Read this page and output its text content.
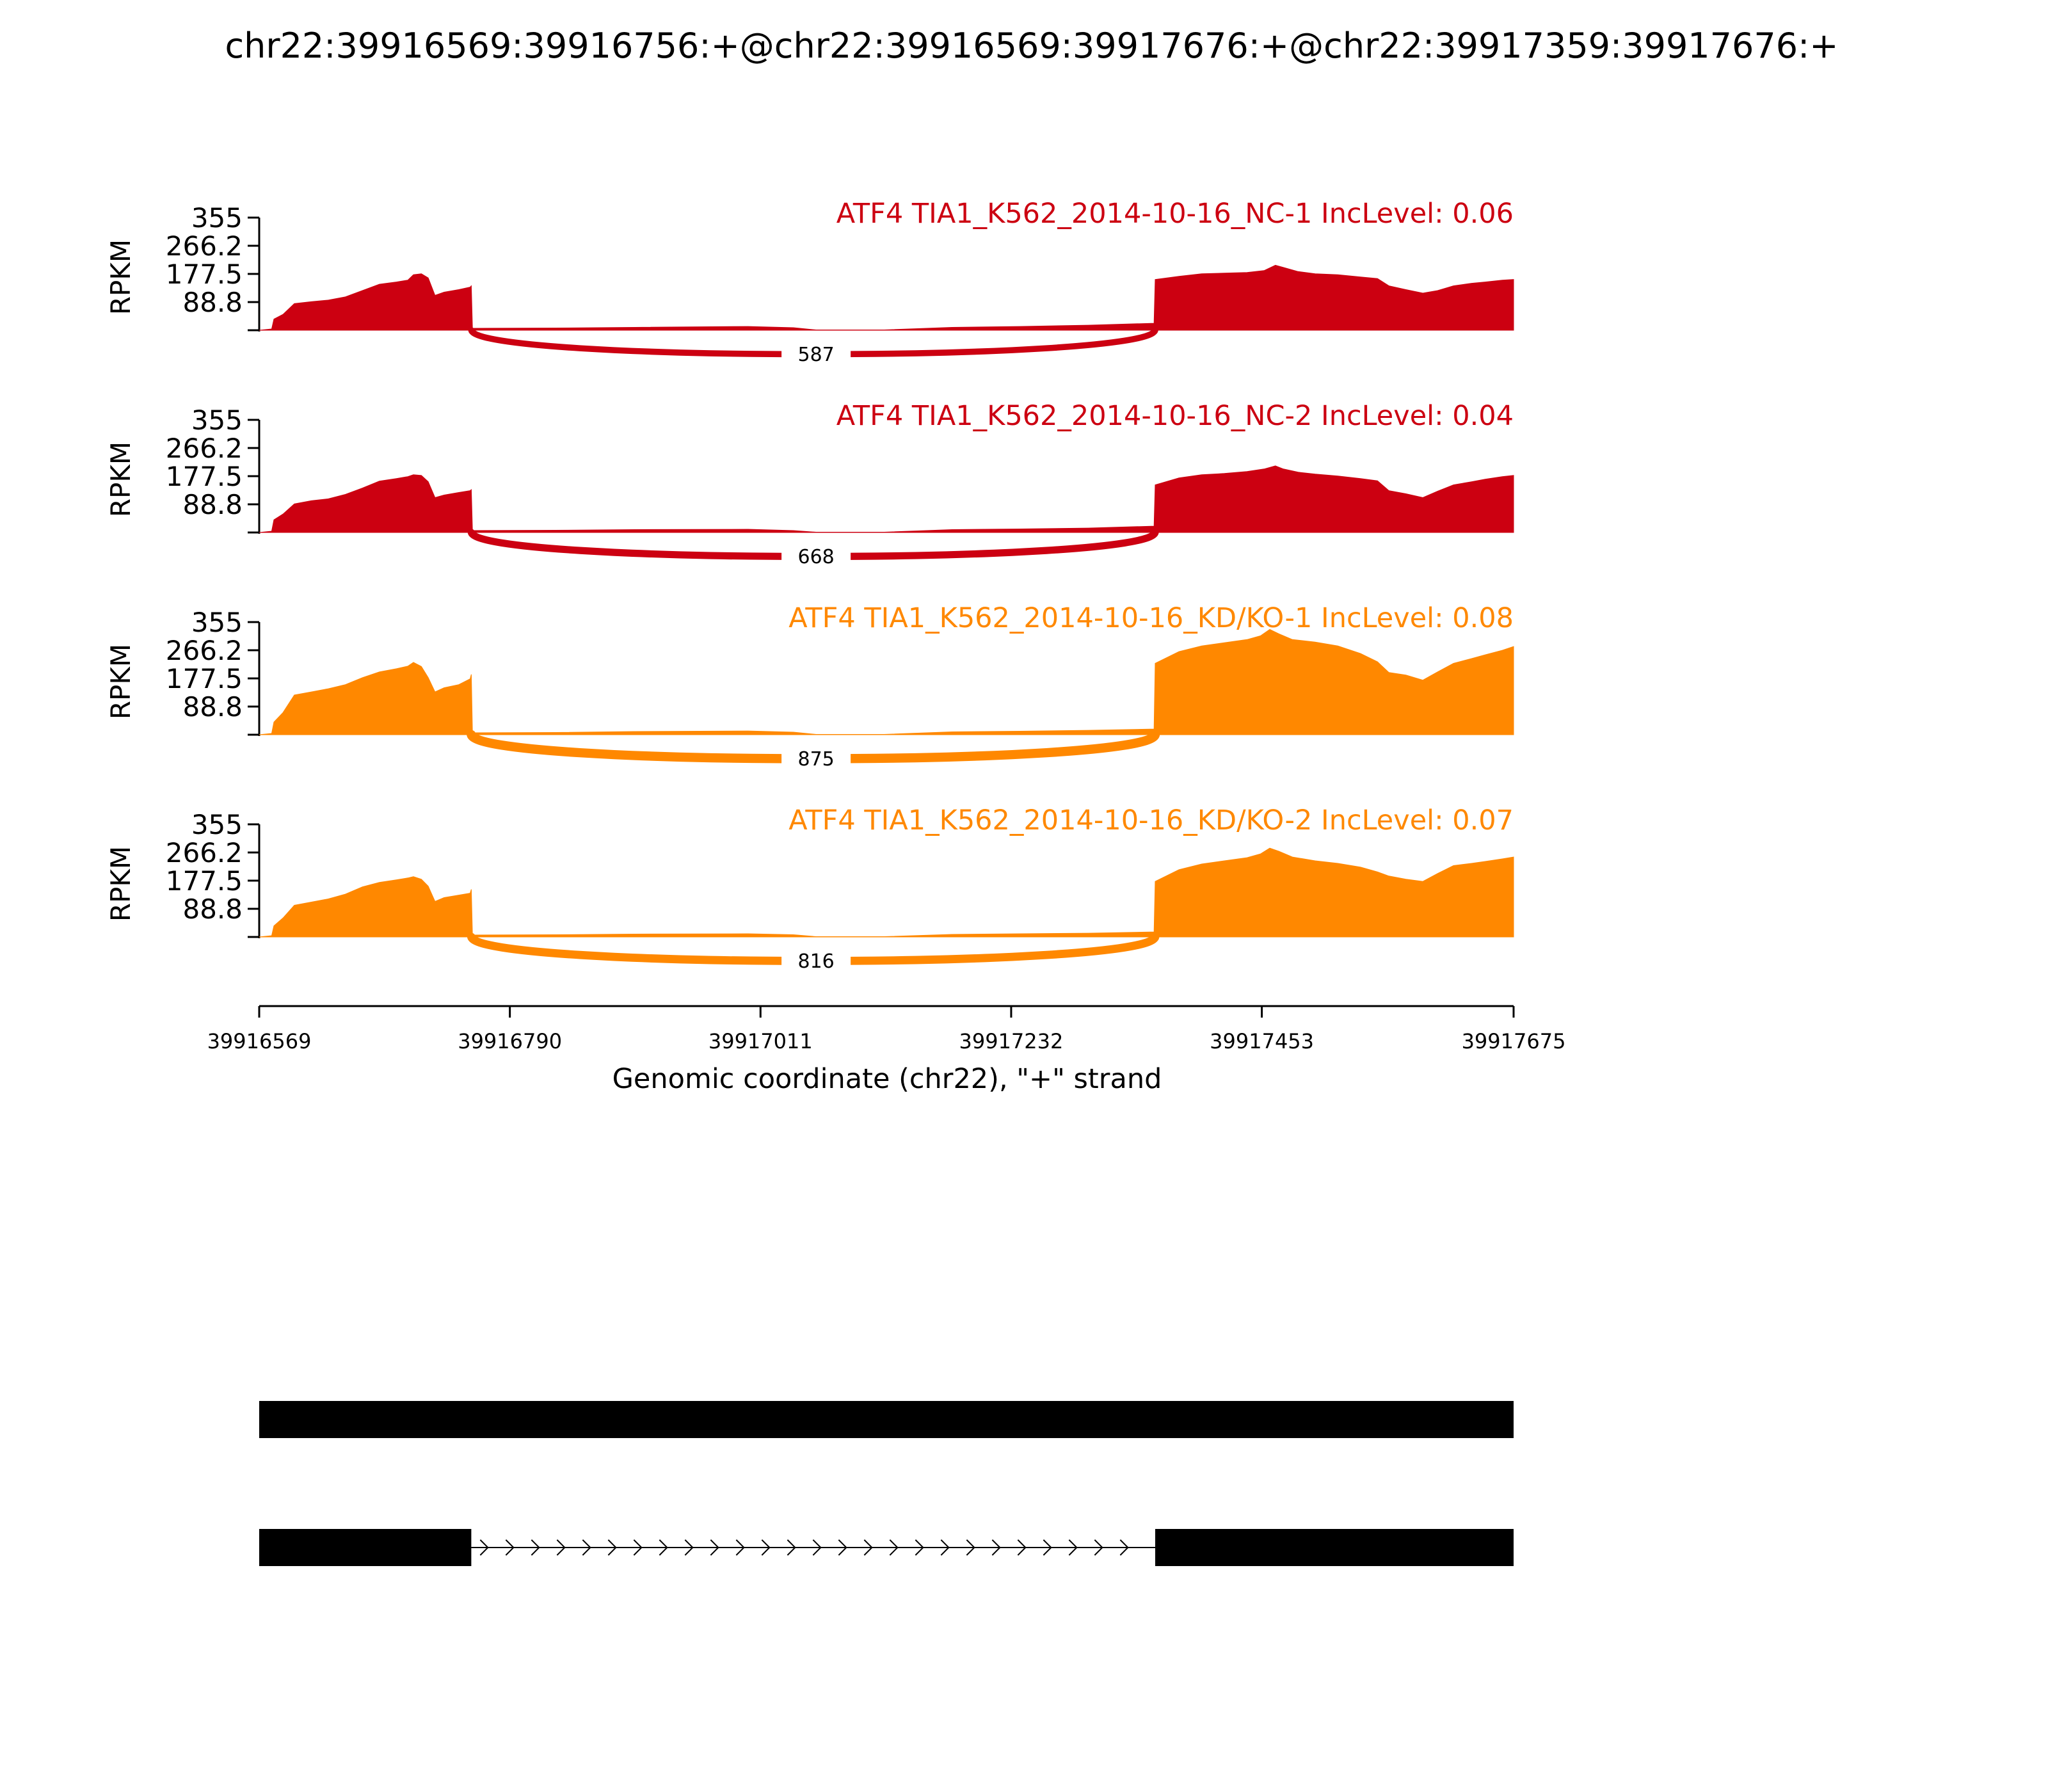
chr22:39916569:39916756:+@chr22:39916569:39917676:+@chr22:39917359:39917676:+
88.8
177.5
266.2
355
RPKM
587
ATF4 TIA1_K562_2014-10-16_NC-1 IncLevel: 0.06
88.8
177.5
266.2
355
RPKM
668
ATF4 TIA1_K562_2014-10-16_NC-2 IncLevel: 0.04
88.8
177.5
266.2
355
RPKM
875
ATF4 TIA1_K562_2014-10-16_KD/KO-1 IncLevel: 0.08
88.8
177.5
266.2
355
RPKM
816
ATF4 TIA1_K562_2014-10-16_KD/KO-2 IncLevel: 0.07
Genomic coordinate (chr22), "+" strand
39916569	39916790	39917011	39917232	39917453	39917675
